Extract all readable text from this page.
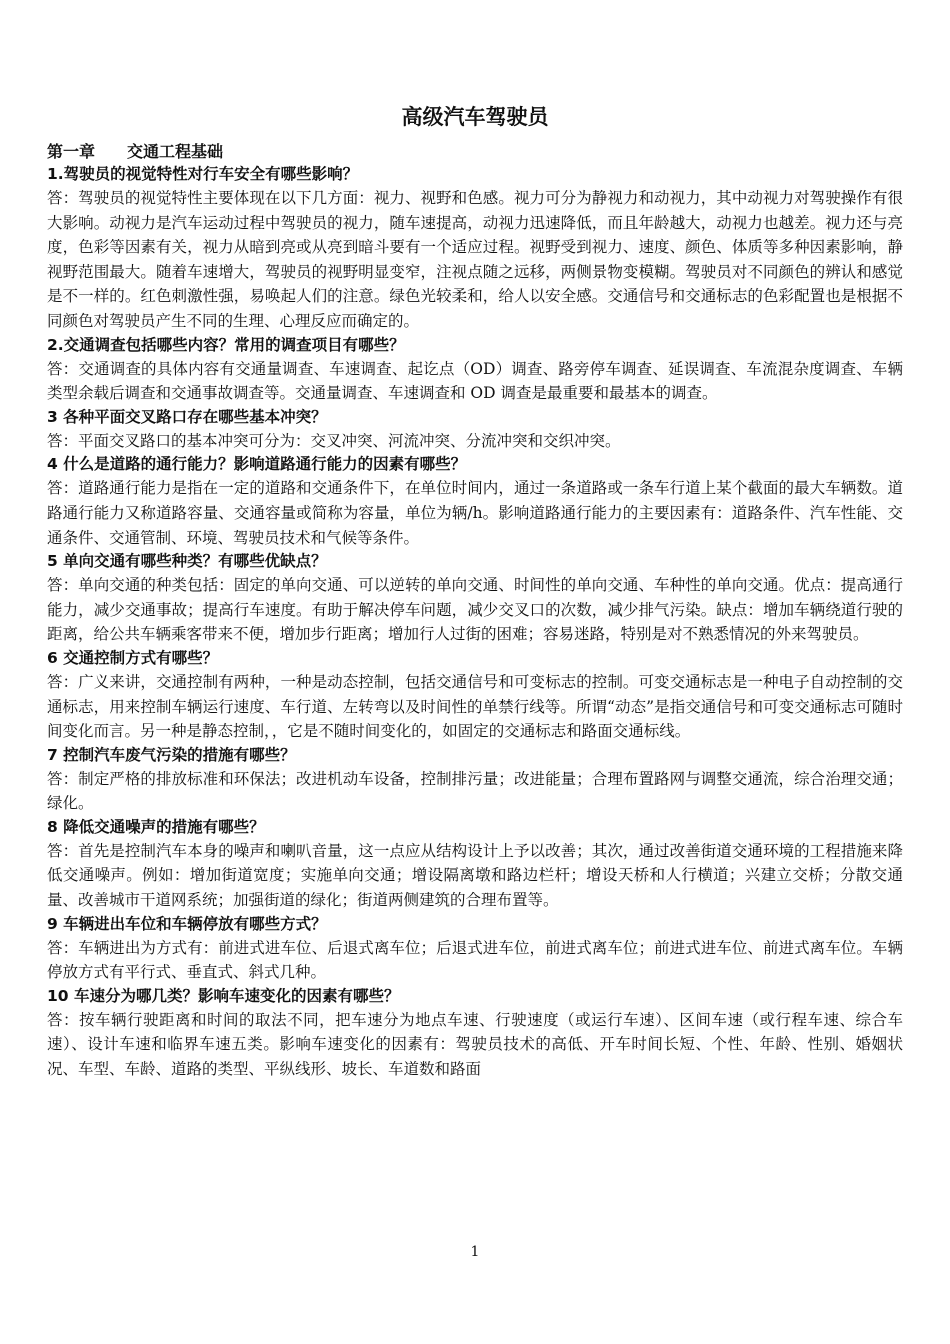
高级汽车驾驶员
第一章　　交通工程基础
1.驾驶员的视觉特性对行车安全有哪些影响？

答：驾驶员的视觉特性主要体现在以下几方面：视力、视野和色感。视力可分为静视力和动视力，其中动视力对驾驶操作有很大影响。动视力是汽车运动过程中驾驶员的视力，随车速提高，动视力迅速降低，而且年龄越大，动视力也越差。视力还与亮度，色彩等因素有关，视力从暗到亮或从亮到暗斗要有一个适应过程。视野受到视力、速度、颜色、体质等多种因素影响，静视野范围最大。随着车速增大，驾驶员的视野明显变窄，注视点随之远移，两侧景物变模糊。驾驶员对不同颜色的辨认和感觉是不一样的。红色刺激性强，易唤起人们的注意。绿色光较柔和，给人以安全感。交通信号和交通标志的色彩配置也是根据不同颜色对驾驶员产生不同的生理、心理反应而确定的。

2.交通调查包括哪些内容？常用的调查项目有哪些？

答：交通调查的具体内容有交通量调查、车速调查、起讫点（OD）调查、路旁停车调查、延误调查、车流混杂度调查、车辆类型余载后调查和交通事故调查等。交通量调查、车速调查和 OD 调查是最重要和最基本的调查。

3 各种平面交叉路口存在哪些基本冲突？

答：平面交叉路口的基本冲突可分为：交叉冲突、河流冲突、分流冲突和交织冲突。

4 什么是道路的通行能力？影响道路通行能力的因素有哪些？

答：道路通行能力是指在一定的道路和交通条件下，在单位时间内，通过一条道路或一条车行道上某个截面的最大车辆数。道路通行能力又称道路容量、交通容量或简称为容量，单位为辆/h。影响道路通行能力的主要因素有：道路条件、汽车性能、交通条件、交通管制、环境、驾驶员技术和气候等条件。

5 单向交通有哪些种类？有哪些优缺点？

答：单向交通的种类包括：固定的单向交通、可以逆转的单向交通、时间性的单向交通、车种性的单向交通。优点：提高通行能力，减少交通事故；提高行车速度。有助于解决停车问题，减少交叉口的次数，减少排气污染。缺点：增加车辆绕道行驶的距离，给公共车辆乘客带来不便，增加步行距离；增加行人过街的困难；容易迷路，特别是对不熟悉情况的外来驾驶员。

6 交通控制方式有哪些？

答：广义来讲，交通控制有两种，一种是动态控制，包括交通信号和可变标志的控制。可变交通标志是一种电子自动控制的交通标志，用来控制车辆运行速度、车行道、左转弯以及时间性的单禁行线等。所谓“动态”是指交通信号和可变交通标志可随时间变化而言。另一种是静态控制，，它是不随时间变化的，如固定的交通标志和路面交通标线。

7 控制汽车废气污染的措施有哪些？

答：制定严格的排放标准和环保法；改进机动车设备，控制排污量；改进能量；合理布置路网与调整交通流，综合治理交通；绿化。

8 降低交通噪声的措施有哪些？

答：首先是控制汽车本身的噪声和喇叭音量，这一点应从结构设计上予以改善；其次，通过改善街道交通环境的工程措施来降低交通噪声。例如：增加街道宽度；实施单向交通；增设隔离墩和路边栏杆；增设天桥和人行横道；兴建立交桥；分散交通量、改善城市干道网系统；加强街道的绿化；街道两侧建筑的合理布置等。

9 车辆进出车位和车辆停放有哪些方式？

答：车辆进出为方式有：前进式进车位、后退式离车位；后退式进车位，前进式离车位；前进式进车位、前进式离车位。车辆停放方式有平行式、垂直式、斜式几种。

10 车速分为哪几类？影响车速变化的因素有哪些？

答：按车辆行驶距离和时间的取法不同，把车速分为地点车速、行驶速度（或运行车速）、区间车速（或行程车速、综合车速）、设计车速和临界车速五类。影响车速变化的因素有：驾驶员技术的高低、开车时间长短、个性、年龄、性别、婚姻状况、车型、车龄、道路的类型、平纵线形、坡长、车道数和路面

1
